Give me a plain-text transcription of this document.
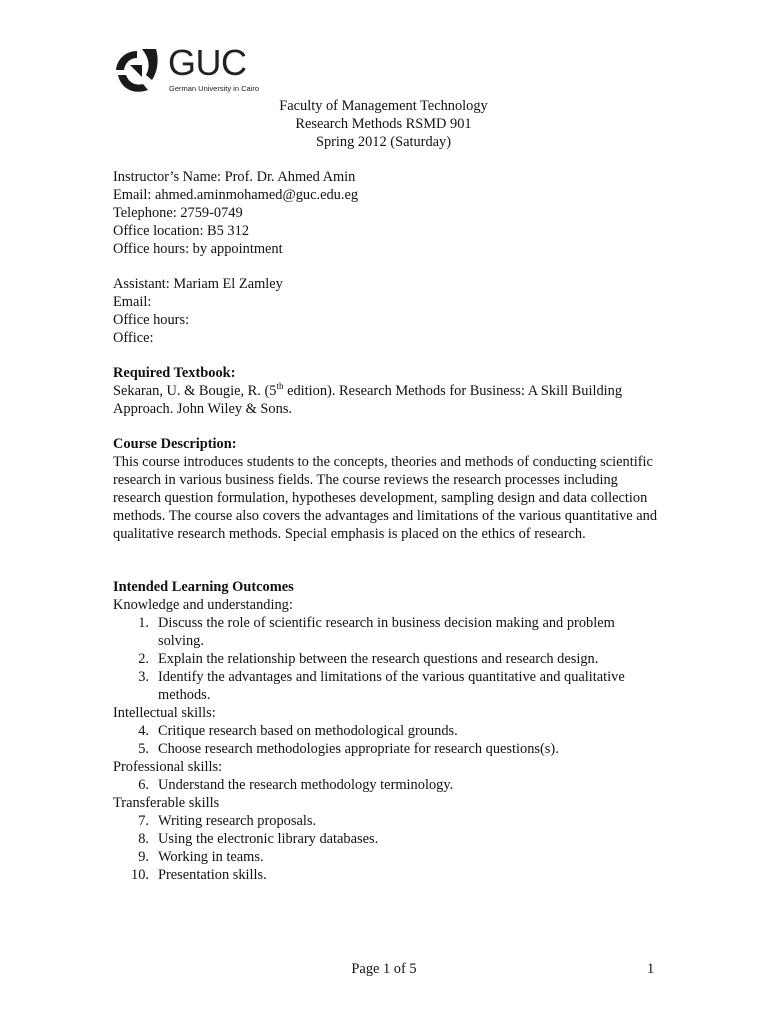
GUC
German University in Cairo
Faculty of Management Technology
Research Methods RSMD 901
Spring 2012 (Saturday)
Instructor’s Name: Prof. Dr. Ahmed Amin
Email: ahmed.aminmohamed@guc.edu.eg
Telephone: 2759-0749
Office location: B5 312
Office hours: by appointment
Assistant: Mariam El Zamley
Email:
Office hours:
Office:
Required Textbook:
Sekaran, U. & Bougie, R. (5th edition). Research Methods for Business: A Skill Building Approach. John Wiley & Sons.
Course Description:
This course introduces students to the concepts, theories and methods of conducting scientific research in various business fields. The course reviews the research processes including research question formulation, hypotheses development, sampling design and data collection methods. The course also covers the advantages and limitations of the various quantitative and qualitative research methods. Special emphasis is placed on the ethics of research.
Intended Learning Outcomes
Knowledge and understanding:
1. Discuss the role of scientific research in business decision making and problem solving.
2. Explain the relationship between the research questions and research design.
3. Identify the advantages and limitations of the various quantitative and qualitative methods.
Intellectual skills:
4. Critique research based on methodological grounds.
5. Choose research methodologies appropriate for research questions(s).
Professional skills:
6. Understand the research methodology terminology.
Transferable skills
7. Writing research proposals.
8. Using the electronic library databases.
9. Working in teams.
10. Presentation skills.
Page 1 of 5	1
